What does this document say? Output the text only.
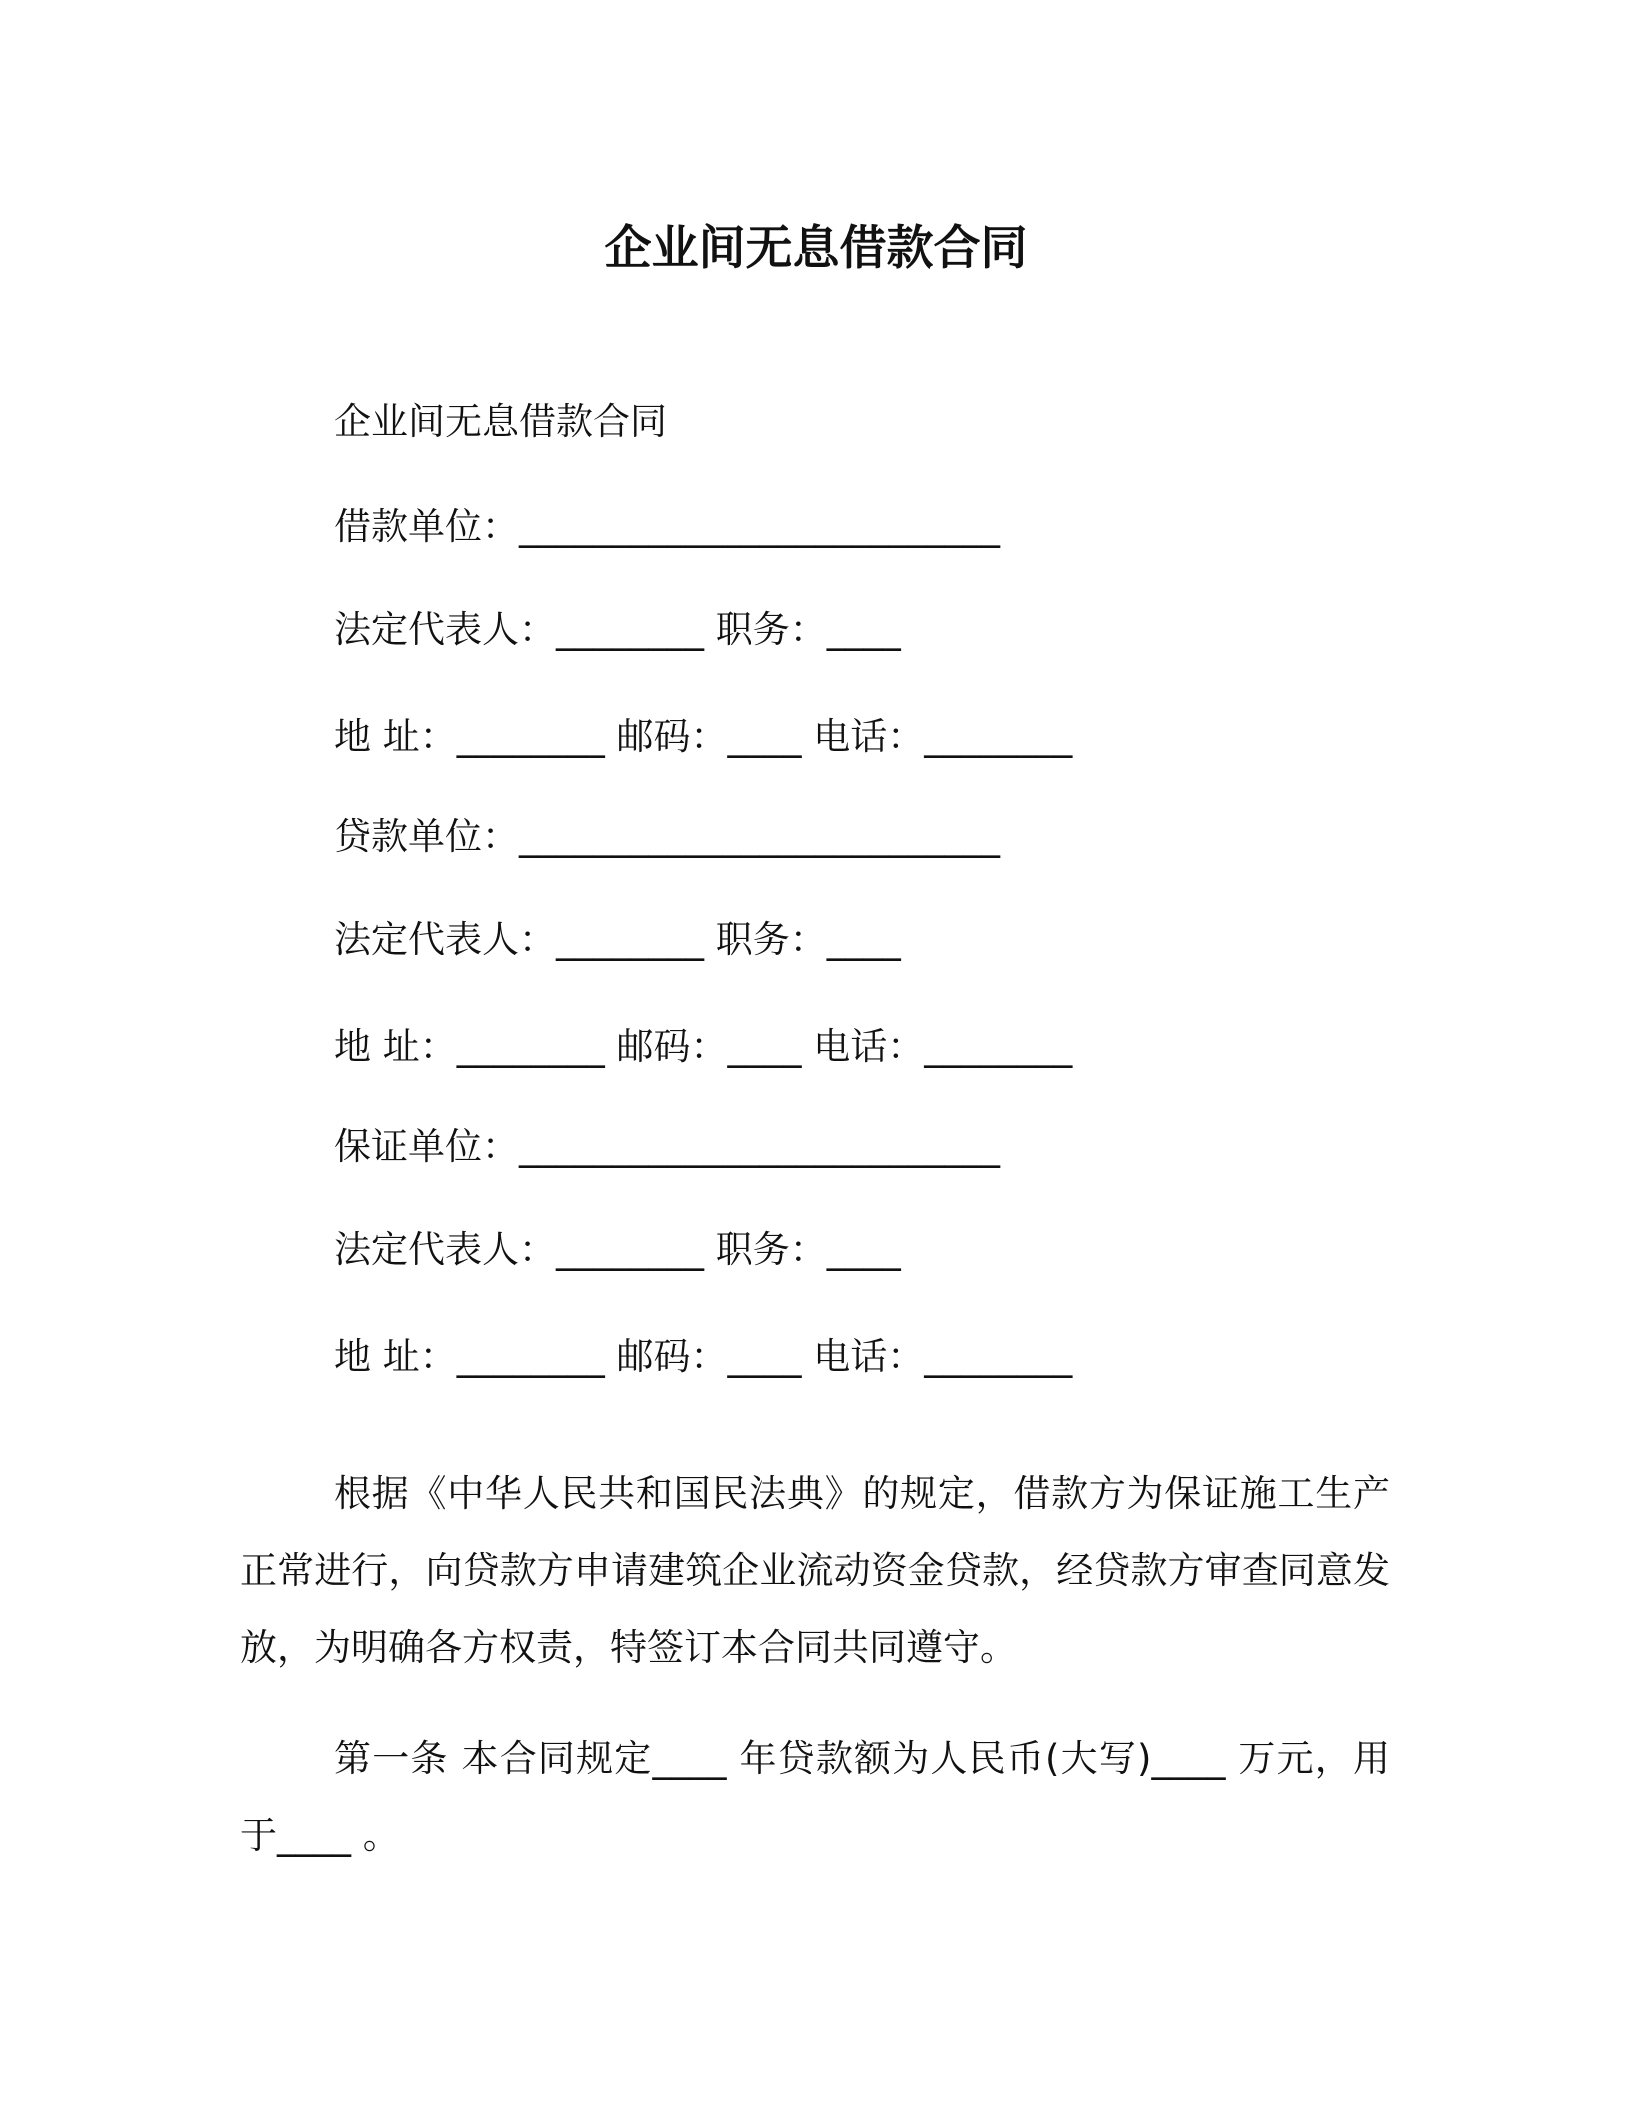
企业间无息借款合同
企业间无息借款合同
借款单位：__________________________
法定代表人：________ 职务：____
地 址：________ 邮码：____ 电话：________
贷款单位：__________________________
法定代表人：________ 职务：____
地 址：________ 邮码：____ 电话：________
保证单位：__________________________
法定代表人：________ 职务：____
地 址：________ 邮码：____ 电话：________

根据《中华人民共和国民法典》的规定，借款方为保证施工生产正常进行，向贷款方申请建筑企业流动资金贷款，经贷款方审查同意发放，为明确各方权责，特签订本合同共同遵守。

第一条 本合同规定____ 年贷款额为人民币(大写)____ 万元，用于____ 。
